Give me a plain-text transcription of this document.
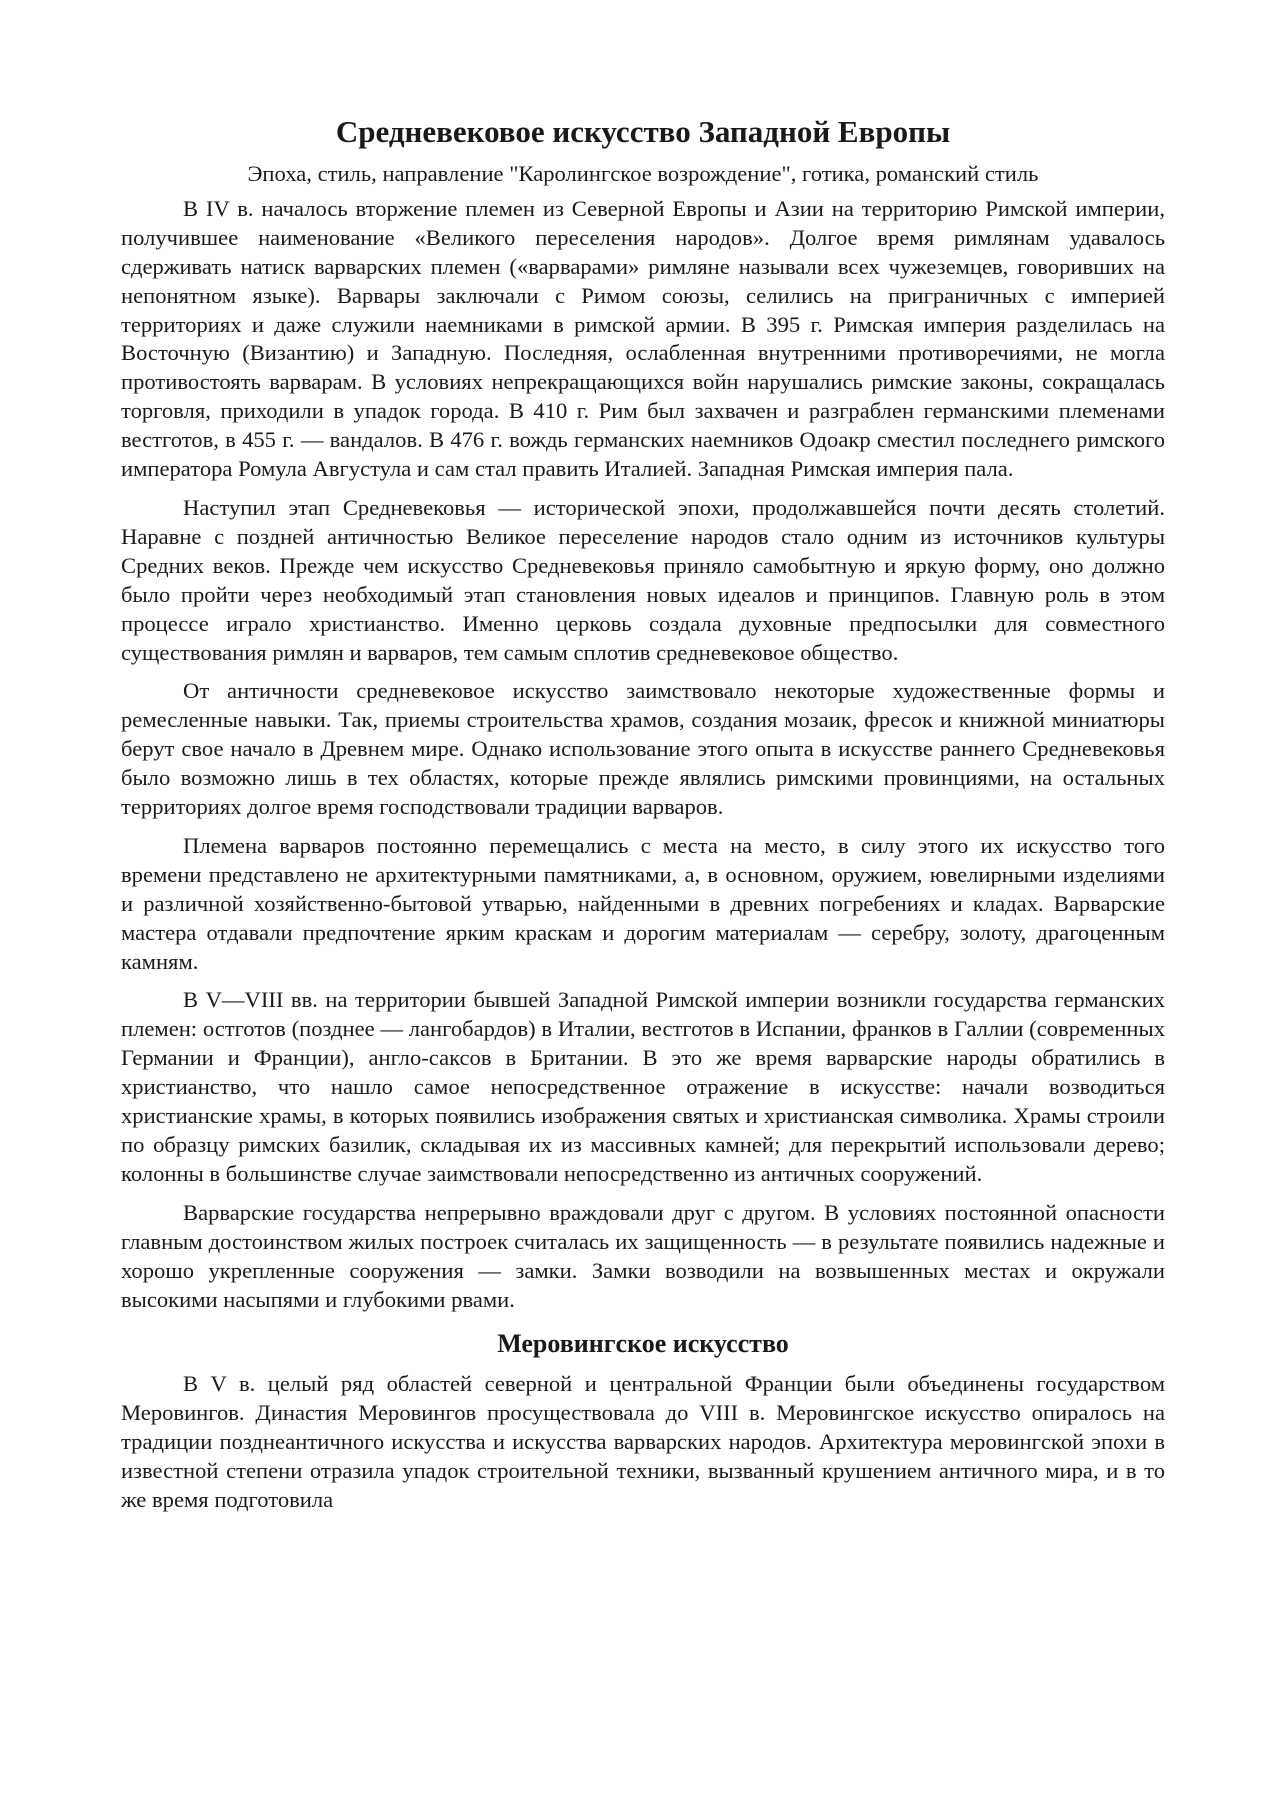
Средневековое искусство Западной Европы

Эпоха, стиль, направление "Каролингское возрождение", готика, романский стиль

В IV в. началось вторжение племен из Северной Европы и Азии на территорию Римской империи, получившее наименование «Великого переселения народов». Долгое время римлянам удавалось сдерживать натиск варварских племен («варварами» римляне называли всех чужеземцев, говоривших на непонятном языке). Варвары заключали с Римом союзы, селились на приграничных с империей территориях и даже служили наемниками в римской армии. В 395 г. Римская империя разделилась на Восточную (Византию) и Западную. Последняя, ослабленная внутренними противоречиями, не могла противостоять варварам. В условиях непрекращающихся войн нарушались римские законы, сокращалась торговля, приходили в упадок города. В 410 г. Рим был захвачен и разграблен германскими племенами вестготов, в 455 г. — вандалов. В 476 г. вождь германских наемников Одоакр сместил последнего римского императора Ромула Августула и сам стал править Италией. Западная Римская империя пала.

Наступил этап Средневековья — исторической эпохи, продолжавшейся почти десять столетий. Наравне с поздней античностью Великое переселение народов стало одним из источников культуры Средних веков. Прежде чем искусство Средневековья приняло самобытную и яркую форму, оно должно было пройти через необходимый этап становления новых идеалов и принципов. Главную роль в этом процессе играло христианство. Именно церковь создала духовные предпосылки для совместного существования римлян и варваров, тем самым сплотив средневековое общество.

От античности средневековое искусство заимствовало некоторые художественные формы и ремесленные навыки. Так, приемы строительства храмов, создания мозаик, фресок и книжной миниатюры берут свое начало в Древнем мире. Однако использование этого опыта в искусстве раннего Средневековья было возможно лишь в тех областях, которые прежде являлись римскими провинциями, на остальных территориях долгое время господствовали традиции варваров.

Племена варваров постоянно перемещались с места на место, в силу этого их искусство того времени представлено не архитектурными памятниками, а, в основном, оружием, ювелирными изделиями и различной хозяйственно-бытовой утварью, найденными в древних погребениях и кладах. Варварские мастера отдавали предпочтение ярким краскам и дорогим материалам — серебру, золоту, драгоценным камням.

В V—VIII вв. на территории бывшей Западной Римской империи возникли государства германских племен: остготов (позднее — лангобардов) в Италии, вестготов в Испании, франков в Галлии (современных Германии и Франции), англо-саксов в Британии. В это же время варварские народы обратились в христианство, что нашло самое непосредственное отражение в искусстве: начали возводиться христианские храмы, в которых появились изображения святых и христианская символика. Храмы строили по образцу римских базилик, складывая их из массивных камней; для перекрытий использовали дерево; колонны в большинстве случае заимствовали непосредственно из античных сооружений.

Варварские государства непрерывно враждовали друг с другом. В условиях постоянной опасности главным достоинством жилых построек считалась их защищенность — в результате появились надежные и хорошо укрепленные сооружения — замки. Замки возводили на возвышенных местах и окружали высокими насыпями и глубокими рвами.

Меровингское искусство

В V в. целый ряд областей северной и центральной Франции были объединены государством Меровингов. Династия Меровингов просуществовала до VIII в. Меровингское искусство опиралось на традиции позднеантичного искусства и искусства варварских народов. Архитектура меровингской эпохи в известной степени отразила упадок строительной техники, вызванный крушением античного мира, и в то же время подготовила
